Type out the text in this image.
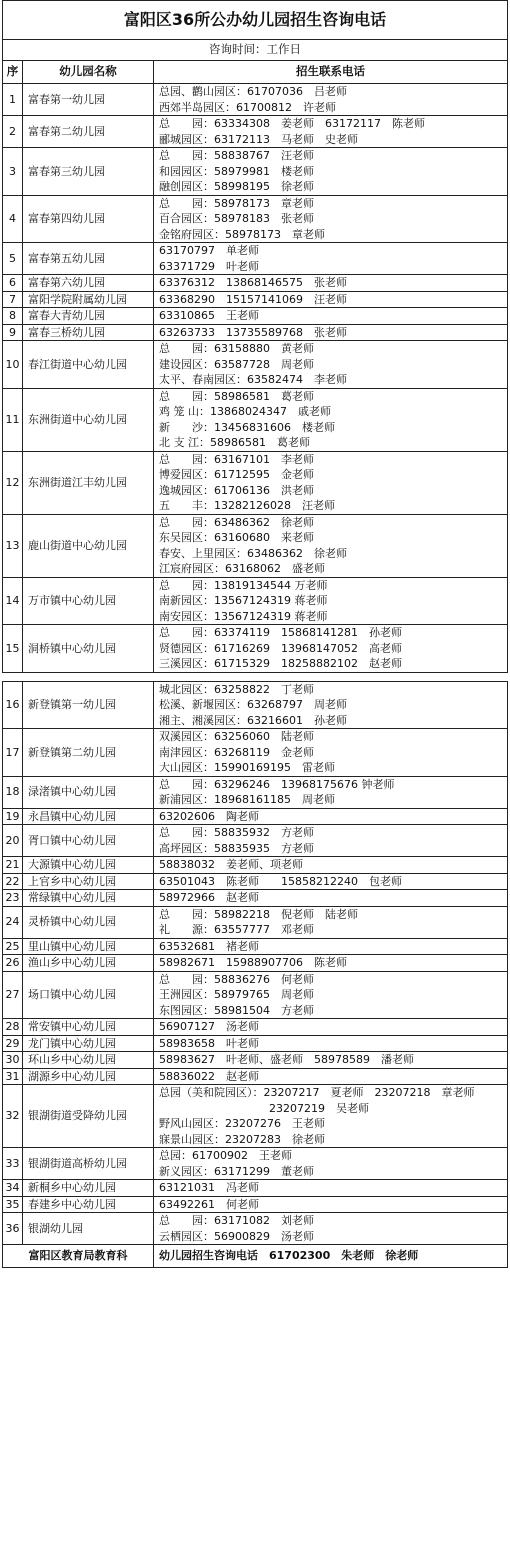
富阳区36所公办幼儿园招生咨询电话		
咨询时间：工作日		
序	幼儿园名称	招生联系电话
1	富春第一幼儿园	总园、鹳山园区：61707036　吕老师
西郊半岛园区：61700812　许老师

2	富春第二幼儿园	总　　园：63334308　姜老师　63172117　陈老师
郦城园区：63172113　马老师　史老师

3	富春第三幼儿园	总　　园：58838767　汪老师
和园园区：58979981　楼老师
融创园区：58998195　徐老师

4	富春第四幼儿园	总　　园：58978173　章老师
百合园区：58978183　张老师
金铭府园区：58978173　章老师

5	富春第五幼儿园	63170797　单老师
63371729　叶老师

6	富春第六幼儿园	63376312　13868146575　张老师

7	富阳学院附属幼儿园	63368290　15157141069　汪老师

8	富春大青幼儿园	63310865　王老师

9	富春三桥幼儿园	63263733　13735589768　张老师

10	春江街道中心幼儿园	总　　园：63158880　黄老师
建设园区：63587728　周老师
太平、春南园区：63582474　李老师

11	东洲街道中心幼儿园	总　　园：58986581　葛老师
鸡 笼 山：13868024347　戚老师
新　　沙：13456831606　楼老师
北 支 江：58986581　葛老师

12	东洲街道江丰幼儿园	总　　园：63167101　李老师
博爱园区：61712595　金老师
逸城园区：61706136　洪老师
五　　丰：13282126028　汪老师

13	鹿山街道中心幼儿园	总　　园：63486362　徐老师
东吴园区：63160680　来老师
春安、上里园区：63486362　徐老师
江宸府园区：63168062　盛老师

14	万市镇中心幼儿园	总　　园：13819134544 万老师
南新园区：13567124319 蒋老师
南安园区：13567124319 蒋老师

15	洞桥镇中心幼儿园	总　　园：63374119　15868141281　孙老师
贤德园区：61716269　13968147052　高老师
三溪园区：61715329　18258882102　赵老师

16	新登镇第一幼儿园	城北园区：63258822　丁老师
松溪、新堰园区：63268797　周老师
湘主、湘溪园区：63216601　孙老师

17	新登镇第二幼儿园	双溪园区：63256060　陆老师
南津园区：63268119　金老师
大山园区：15990169195　雷老师

18	渌渚镇中心幼儿园	总　　园：63296246　13968175676 钟老师
新浦园区：18968161185　周老师

19	永昌镇中心幼儿园	63202606　陶老师

20	胥口镇中心幼儿园	总　　园：58835932　方老师
高坪园区：58835935　方老师

21	大源镇中心幼儿园	58838032　姜老师、项老师

22	上官乡中心幼儿园	63501043　陈老师　　15858212240　包老师

23	常绿镇中心幼儿园	58972966　赵老师

24	灵桥镇中心幼儿园	总　　园：58982218　倪老师　陆老师
礼　　源：63557777　邓老师

25	里山镇中心幼儿园	63532681　褚老师

26	渔山乡中心幼儿园	58982671　15988907706　陈老师

27	场口镇中心幼儿园	总　　园：58836276　何老师
王洲园区：58979765　周老师
东图园区：58981504　方老师

28	常安镇中心幼儿园	56907127　汤老师

29	龙门镇中心幼儿园	58983658　叶老师

30	环山乡中心幼儿园	58983627　叶老师、盛老师　58978589　潘老师

31	湖源乡中心幼儿园	58836022　赵老师

32	银湖街道受降幼儿园	总园（美和院园区）：23207217　夏老师　23207218　章老师
　　　　　　　　　　23207219　吴老师
野风山园区：23207276　王老师
寐景山园区：23207283　徐老师

33	银湖街道高桥幼儿园	总园：61700902　王老师
新义园区：63171299　董老师

34	新桐乡中心幼儿园	63121031　冯老师

35	春建乡中心幼儿园	63492261　何老师

36	银湖幼儿园	总　　园：63171082　刘老师
云栖园区：56900829　汤老师

富阳区教育局教育科		幼儿园招生咨询电话　61702300　朱老师　徐老师
